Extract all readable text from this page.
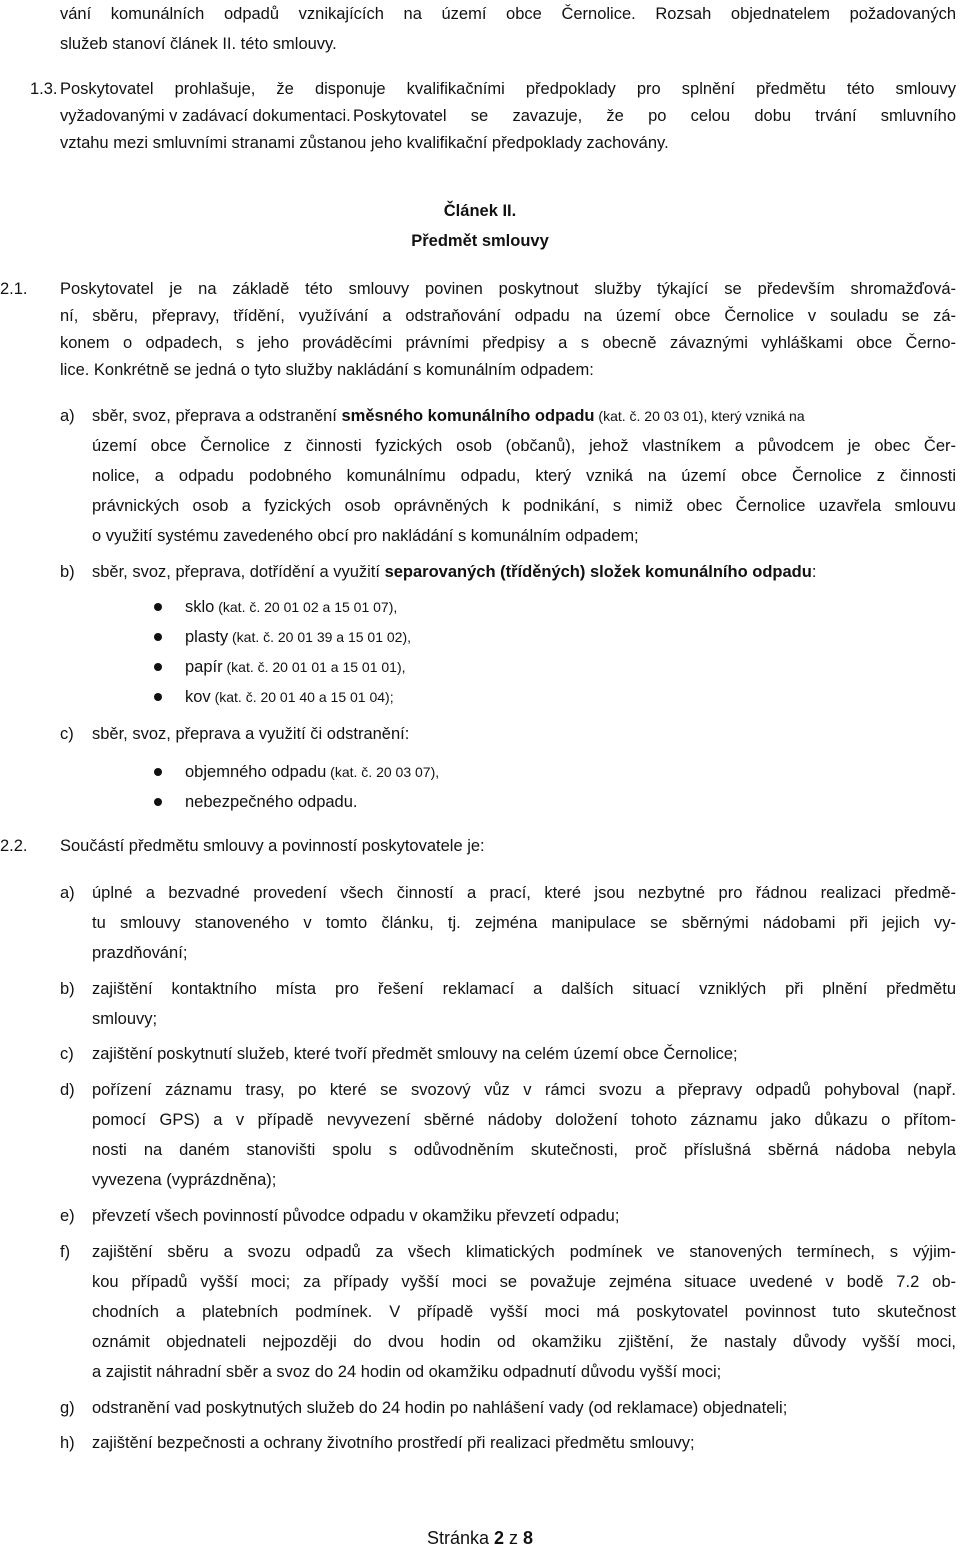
vání komunálních odpadů vznikajících na území obce Černolice. Rozsah objednatelem požadovaných
služeb stanoví článek II. této smlouvy.
1.3. Poskytovatel prohlašuje, že disponuje kvalifikačními předpoklady pro splnění předmětu této smlouvy
vyžadovanými v zadávací dokumentaci. Poskytovatel se zavazuje, že po celou dobu trvání smluvního
vztahu mezi smluvními stranami zůstanou jeho kvalifikační předpoklady zachovány.
Článek II.
Předmět smlouvy
2.1. Poskytovatel je na základě této smlouvy povinen poskytnout služby týkající se především shromažďová-
ní, sběru, přepravy, třídění, využívání a odstraňování odpadu na území obce Černolice v souladu se zá-
konem o odpadech, s jeho prováděcími právními předpisy a s obecně závaznými vyhláškami obce Černo-
lice. Konkrétně se jedná o tyto služby nakládání s komunálním odpadem:
a) sběr, svoz, přeprava a odstranění směsného komunálního odpadu (kat. č. 20 03 01), který vzniká na
území obce Černolice z činnosti fyzických osob (občanů), jehož vlastníkem a původcem je obec Čer-
nolice, a odpadu podobného komunálnímu odpadu, který vzniká na území obce Černolice z činnosti
právnických osob a fyzických osob oprávněných k podnikání, s nimiž obec Černolice uzavřela smlouvu
o využití systému zavedeného obcí pro nakládání s komunálním odpadem;
b) sběr, svoz, přeprava, dotřídění a využití separovaných (tříděných) složek komunálního odpadu:
sklo (kat. č. 20 01 02 a 15 01 07),
plasty (kat. č. 20 01 39 a 15 01 02),
papír (kat. č. 20 01 01 a 15 01 01),
kov (kat. č. 20 01 40 a 15 01 04);
c) sběr, svoz, přeprava a využití či odstranění:
objemného odpadu (kat. č. 20 03 07),
nebezpečného odpadu.
2.2. Součástí předmětu smlouvy a povinností poskytovatele je:
a) úplné a bezvadné provedení všech činností a prací, které jsou nezbytné pro řádnou realizaci předmě-
tu smlouvy stanoveného v tomto článku, tj. zejména manipulace se sběrnými nádobami při jejich vy-
prazdňování;
b) zajištění kontaktního místa pro řešení reklamací a dalších situací vzniklých při plnění předmětu
smlouvy;
c) zajištění poskytnutí služeb, které tvoří předmět smlouvy na celém území obce Černolice;
d) pořízení záznamu trasy, po které se svozový vůz v rámci svozu a přepravy odpadů pohyboval (např.
pomocí GPS) a v případě nevyvezení sběrné nádoby doložení tohoto záznamu jako důkazu o přítom-
nosti na daném stanovišti spolu s odůvodněním skutečnosti, proč příslušná sběrná nádoba nebyla
vyvezena (vyprázdněna);
e) převzetí všech povinností původce odpadu v okamžiku převzetí odpadu;
f) zajištění sběru a svozu odpadů za všech klimatických podmínek ve stanovených termínech, s výjim-
kou případů vyšší moci; za případy vyšší moci se považuje zejména situace uvedené v bodě 7.2 ob-
chodních a platebních podmínek. V případě vyšší moci má poskytovatel povinnost tuto skutečnost
oznámit objednateli nejpozději do dvou hodin od okamžiku zjištění, že nastaly důvody vyšší moci,
a zajistit náhradní sběr a svoz do 24 hodin od okamžiku odpadnutí důvodu vyšší moci;
g) odstranění vad poskytnutých služeb do 24 hodin po nahlášení vady (od reklamace) objednateli;
h) zajištění bezpečnosti a ochrany životního prostředí při realizaci předmětu smlouvy;
Stránka 2 z 8
